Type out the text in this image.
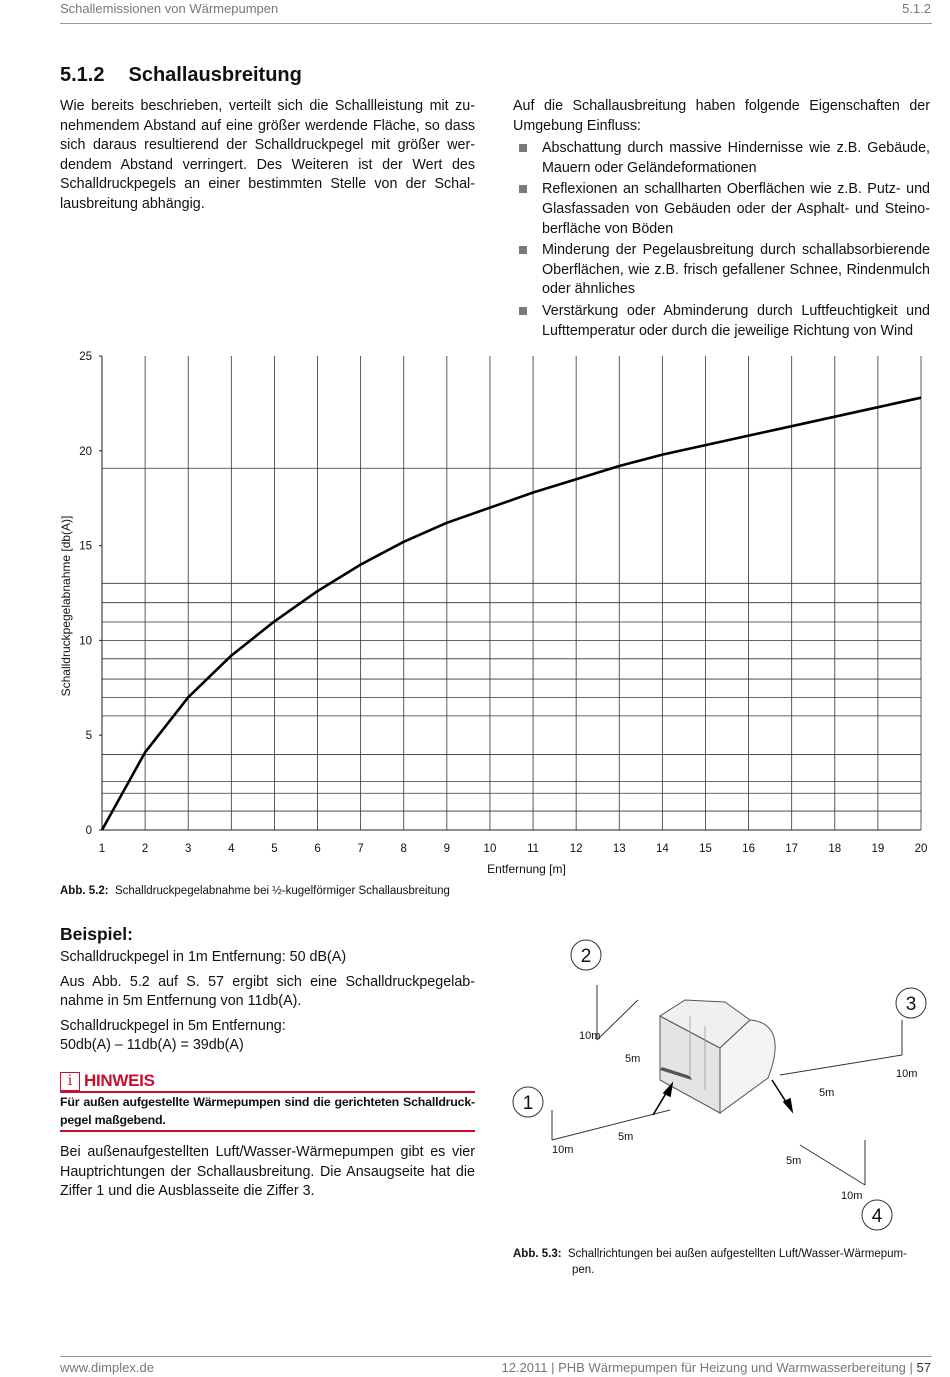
Schallemissionen von Wärmepumpen	5.1.2
5.1.2 Schallausbreitung
Wie bereits beschrieben, verteilt sich die Schallleistung mit zu-
nehmendem Abstand auf eine größer werdende Fläche, so dass
sich daraus resultierend der Schalldruckpegel mit größer wer-
dendem Abstand verringert. Des Weiteren ist der Wert des
Schalldruckpegels an einer bestimmten Stelle von der Schal-
lausbreitung abhängig.
Auf die Schallausbreitung haben folgende Eigenschaften der Umgebung Einfluss:
Abschattung durch massive Hindernisse wie z.B. Gebäude, Mauern oder Geländeformationen
Reflexionen an schallharten Oberflächen wie z.B. Putz- und Glasfassaden von Gebäuden oder der Asphalt- und Steinoberfläche von Böden
Minderung der Pegelausbreitung durch schallabsorbierende Oberflächen, wie z.B. frisch gefallener Schnee, Rindenmulch oder ähnliches
Verstärkung oder Abminderung durch Luftfeuchtigkeit und Lufttemperatur oder durch die jeweilige Richtung von Wind
0
5
10
15
20
25
1	2	3	4	5	6	7	8	9	10	11	12	13	14	15	16	17	18	19	20
Entfernung [m]
Schalldruckpegelabnahme [db(A)]
Abb. 5.2: Schalldruckpegelabnahme bei ½-kugelförmiger Schallausbreitung
Beispiel:
Schalldruckpegel in 1m Entfernung: 50 dB(A)
Aus Abb. 5.2 auf S. 57 ergibt sich eine Schalldruckpegelab-
nahme in 5m Entfernung von 11db(A).
Schalldruckpegel in 5m Entfernung:
50db(A) – 11db(A) = 39db(A)
i HINWEIS
Für außen aufgestellte Wärmepumpen sind die gerichteten Schalldruck-
pegel maßgebend.
Bei außenaufgestellten Luft/Wasser-Wärmepumpen gibt es vier
Hauptrichtungen der Schallausbreitung. Die Ansaugseite hat die
Ziffer 1 und die Ausblasseite die Ziffer 3.
1
2
3
4
10m
5m
10m
5m
5m
10m
5m
10m
Abb. 5.3: Schallrichtungen bei außen aufgestellten Luft/Wasser-Wärmepum-
pen.
www.dimplex.de	12.2011 | PHB Wärmepumpen für Heizung und Warmwasserbereitung | 57
